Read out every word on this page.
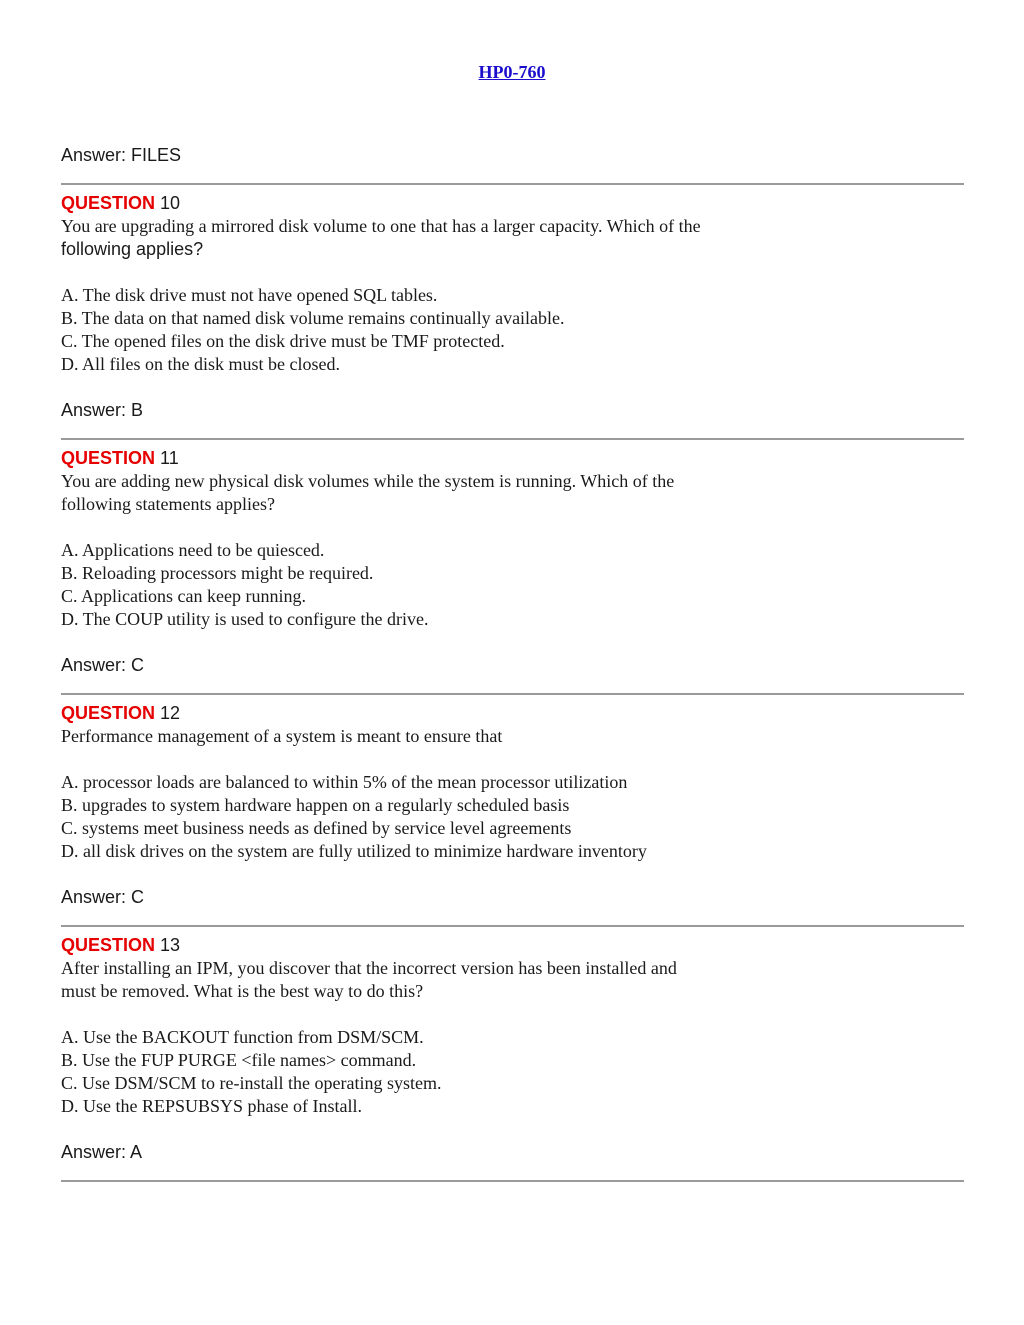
HP0-760
Answer: FILES
QUESTION 10
You are upgrading a mirrored disk volume to one that has a larger capacity. Which of the
following applies?
A. The disk drive must not have opened SQL tables.
B. The data on that named disk volume remains continually available.
C. The opened files on the disk drive must be TMF protected.
D. All files on the disk must be closed.
Answer: B
QUESTION 11
You are adding new physical disk volumes while the system is running. Which of the
following statements applies?
A. Applications need to be quiesced.
B. Reloading processors might be required.
C. Applications can keep running.
D. The COUP utility is used to configure the drive.
Answer: C
QUESTION 12
Performance management of a system is meant to ensure that
A. processor loads are balanced to within 5% of the mean processor utilization
B. upgrades to system hardware happen on a regularly scheduled basis
C. systems meet business needs as defined by service level agreements
D. all disk drives on the system are fully utilized to minimize hardware inventory
Answer: C
QUESTION 13
After installing an IPM, you discover that the incorrect version has been installed and
must be removed. What is the best way to do this?
A. Use the BACKOUT function from DSM/SCM.
B. Use the FUP PURGE <file names> command.
C. Use DSM/SCM to re-install the operating system.
D. Use the REPSUBSYS phase of Install.
Answer: A
